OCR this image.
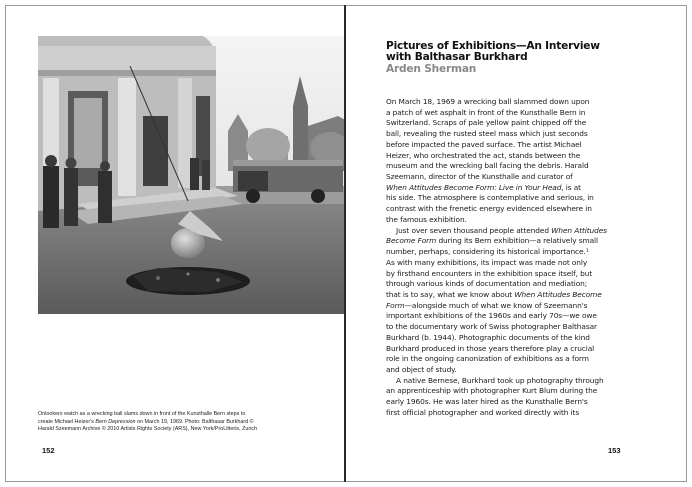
Onlookers watch as a wrecking ball slams down in front of the Kunsthalle Bern steps to

create Michael Heizer's Bern Depression on March 19, 1969. Photo: Balthasar Burkhard ©

Harald Szeemann Archive © 2010 Artists Rights Society (ARS), New York/ProLitteris, Zurich

152

Pictures of Exhibitions—An Interview

with Balthasar Burkhard

Arden Sherman
On March 18, 1969 a wrecking ball slammed down upon
a patch of wet asphalt in front of the Kunsthalle Bern in
Switzerland. Scraps of pale yellow paint chipped off the
ball, revealing the rusted steel mass which just seconds
before impacted the paved surface. The artist Michael
Heizer, who orchestrated the act, stands between the
museum and the wrecking ball facing the debris. Harald
Szeemann, director of the Kunsthalle and curator of
When Attitudes Become Form: Live in Your Head, is at
his side. The atmosphere is contemplative and serious, in
contrast with the frenetic energy evidenced elsewhere in
the famous exhibition.
Just over seven thousand people attended When Attitudes
Become Form during its Bern exhibition—a relatively small
number, perhaps, considering its historical importance.¹
As with many exhibitions, its impact was made not only
by firsthand encounters in the exhibition space itself, but
through various kinds of documentation and mediation;
that is to say, what we know about When Attitudes Become
Form—alongside much of what we know of Szeemann's
important exhibitions of the 1960s and early 70s—we owe
to the documentary work of Swiss photographer Balthasar
Burkhard (b. 1944). Photographic documents of the kind
Burkhard produced in those years therefore play a crucial
role in the ongoing canonization of exhibitions as a form
and object of study.
A native Bernese, Burkhard took up photography through
an apprenticeship with photographer Kurt Blum during the
early 1960s. He was later hired as the Kunsthalle Bern's
first official photographer and worked directly with its
153
